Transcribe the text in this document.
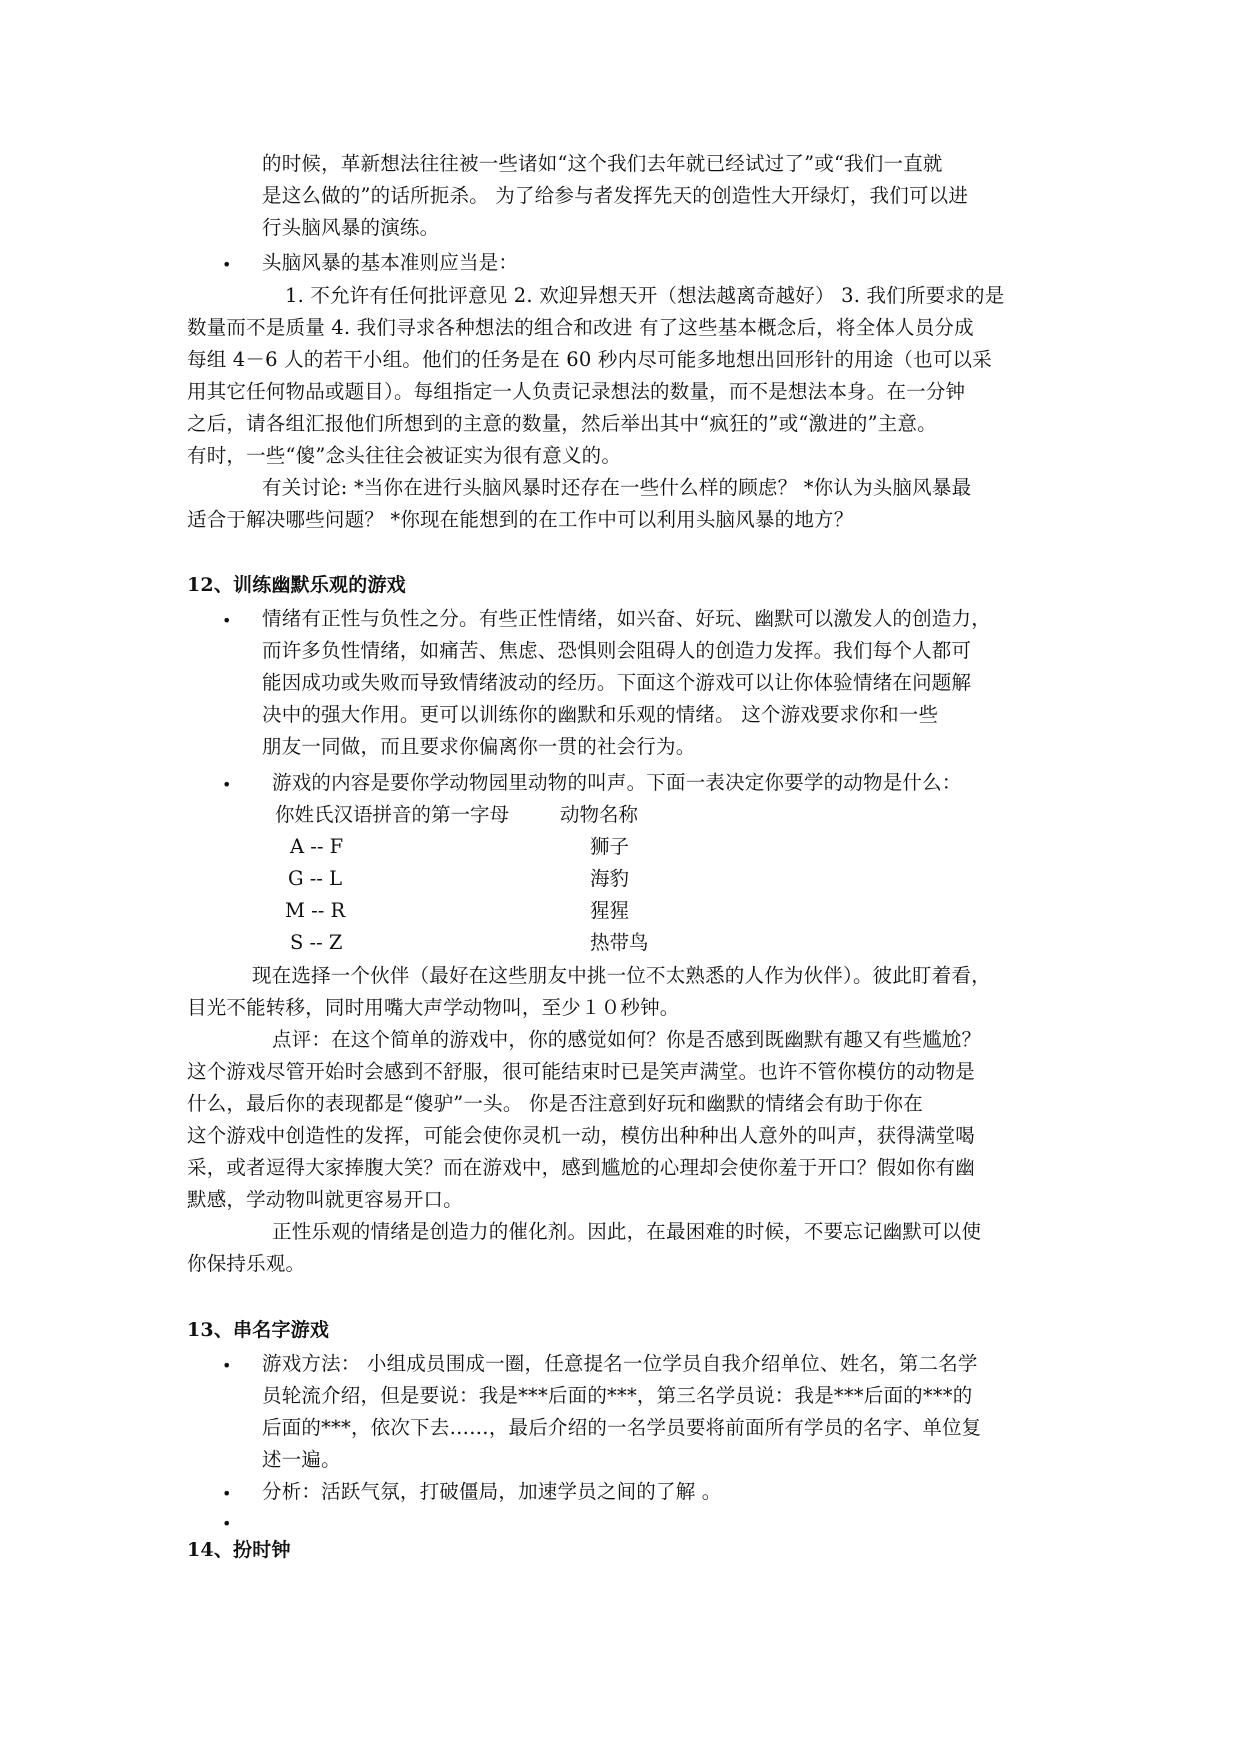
的时候，革新想法往往被一些诸如“这个我们去年就已经试过了”或“我们一直就
是这么做的”的话所扼杀。 为了给参与者发挥先天的创造性大开绿灯，我们可以进
行头脑风暴的演练。
• 头脑风暴的基本准则应当是：
1. 不允许有任何批评意见 2. 欢迎异想天开（想法越离奇越好） 3. 我们所要求的是
数量而不是质量 4. 我们寻求各种想法的组合和改进 有了这些基本概念后，将全体人员分成
每组 4－6 人的若干小组。他们的任务是在 60 秒内尽可能多地想出回形针的用途（也可以采
用其它任何物品或题目）。每组指定一人负责记录想法的数量，而不是想法本身。在一分钟
之后，请各组汇报他们所想到的主意的数量，然后举出其中“疯狂的”或“激进的”主意。
有时，一些“傻”念头往往会被证实为很有意义的。
有关讨论: *当你在进行头脑风暴时还存在一些什么样的顾虑？ *你认为头脑风暴最
适合于解决哪些问题？ *你现在能想到的在工作中可以利用头脑风暴的地方？
12、训练幽默乐观的游戏
• 情绪有正性与负性之分。有些正性情绪，如兴奋、好玩、幽默可以激发人的创造力，
而许多负性情绪，如痛苦、焦虑、恐惧则会阻碍人的创造力发挥。我们每个人都可
能因成功或失败而导致情绪波动的经历。下面这个游戏可以让你体验情绪在问题解
决中的强大作用。更可以训练你的幽默和乐观的情绪。 这个游戏要求你和一些
朋友一同做，而且要求你偏离你一贯的社会行为。
• 游戏的内容是要你学动物园里动物的叫声。下面一表决定你要学的动物是什么：
你姓氏汉语拼音的第一字母	动物名称
A -- F	狮子
G -- L	海豹
M -- R	猩猩
S -- Z	热带鸟
现在选择一个伙伴（最好在这些朋友中挑一位不太熟悉的人作为伙伴）。彼此盯着看，
目光不能转移，同时用嘴大声学动物叫，至少１０秒钟。
点评：在这个简单的游戏中，你的感觉如何？你是否感到既幽默有趣又有些尴尬？
这个游戏尽管开始时会感到不舒服，很可能结束时已是笑声满堂。也许不管你模仿的动物是
什么，最后你的表现都是“傻驴”一头。 你是否注意到好玩和幽默的情绪会有助于你在
这个游戏中创造性的发挥，可能会使你灵机一动，模仿出种种出人意外的叫声，获得满堂喝
采，或者逗得大家捧腹大笑？而在游戏中，感到尴尬的心理却会使你羞于开口？假如你有幽
默感，学动物叫就更容易开口。
正性乐观的情绪是创造力的催化剂。因此，在最困难的时候，不要忘记幽默可以使
你保持乐观。
13、串名字游戏
• 游戏方法： 小组成员围成一圈，任意提名一位学员自我介绍单位、姓名，第二名学
员轮流介绍，但是要说：我是***后面的***，第三名学员说：我是***后面的***的
后面的***，依次下去……，最后介绍的一名学员要将前面所有学员的名字、单位复
述一遍。
• 分析：活跃气氛，打破僵局，加速学员之间的了解 。
•
14、扮时钟
